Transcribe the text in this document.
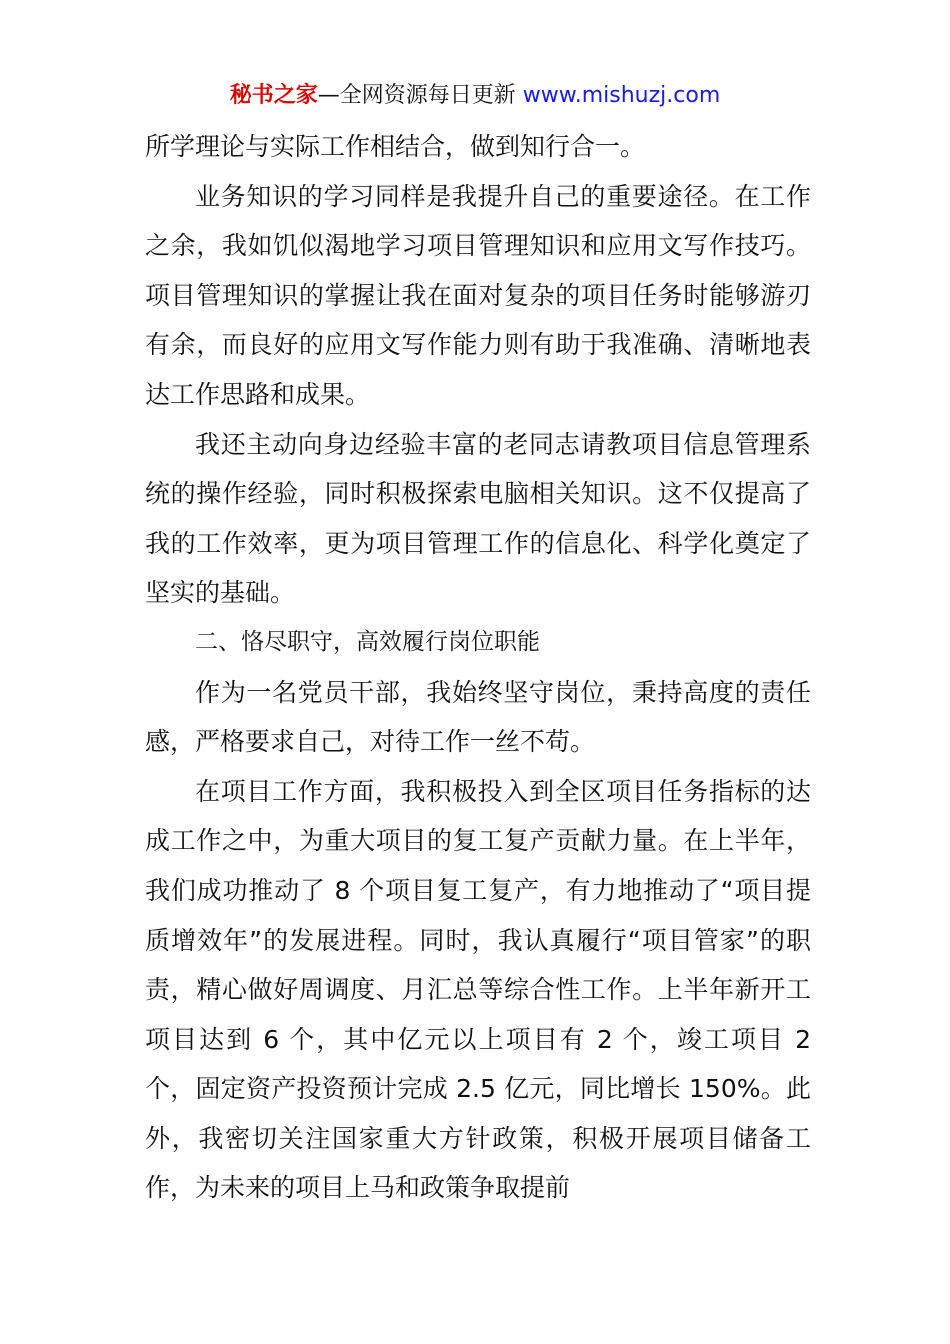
秘书之家—全网资源每日更新 www.mishuzj.com

所学理论与实际工作相结合，做到知行合一。

业务知识的学习同样是我提升自己的重要途径。在工作之余，我如饥似渴地学习项目管理知识和应用文写作技巧。项目管理知识的掌握让我在面对复杂的项目任务时能够游刃有余，而良好的应用文写作能力则有助于我准确、清晰地表达工作思路和成果。

我还主动向身边经验丰富的老同志请教项目信息管理系统的操作经验，同时积极探索电脑相关知识。这不仅提高了我的工作效率，更为项目管理工作的信息化、科学化奠定了坚实的基础。

二、恪尽职守，高效履行岗位职能

作为一名党员干部，我始终坚守岗位，秉持高度的责任感，严格要求自己，对待工作一丝不苟。

在项目工作方面，我积极投入到全区项目任务指标的达成工作之中，为重大项目的复工复产贡献力量。在上半年，我们成功推动了 8 个项目复工复产，有力地推动了“项目提质增效年”的发展进程。同时，我认真履行“项目管家”的职责，精心做好周调度、月汇总等综合性工作。上半年新开工项目达到 6 个，其中亿元以上项目有 2 个，竣工项目 2 个，固定资产投资预计完成 2.5 亿元，同比增长 150%。此外，我密切关注国家重大方针政策，积极开展项目储备工作，为未来的项目上马和政策争取提前
